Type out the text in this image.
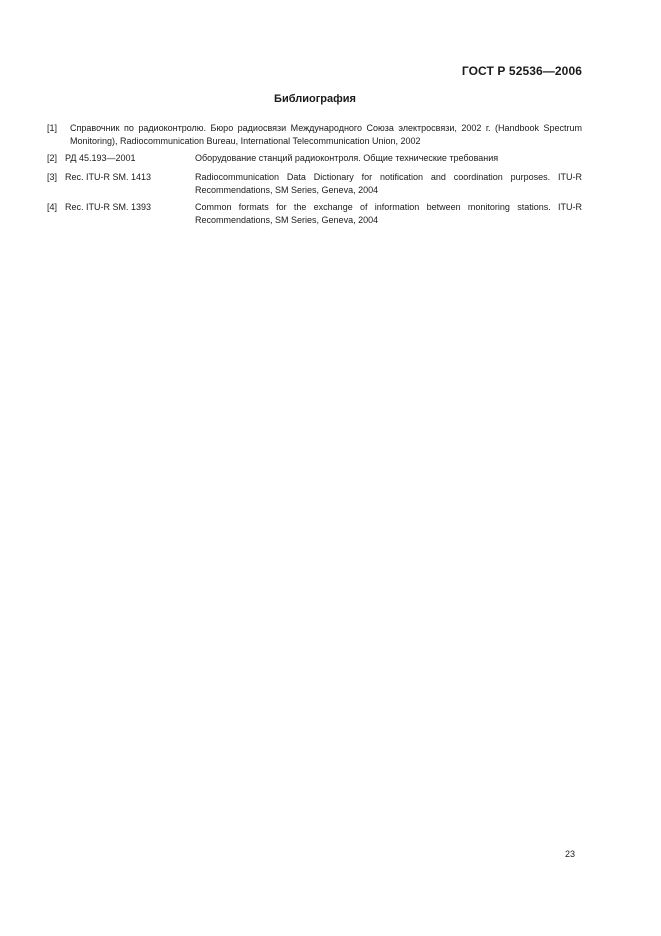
ГОСТ Р 52536—2006
Библиография
[1] Справочник по радиоконтролю. Бюро радиосвязи Международного Союза электросвязи, 2002 г. (Handbook Spectrum Monitoring), Radiocommunication Bureau, International Telecommunication Union, 2002
[2] РД 45.193—2001	Оборудование станций радиоконтроля. Общие технические требования
[3] Rec. ITU-R SM. 1413	Radiocommunication Data Dictionary for notification and coordination purposes. ITU-R Recommendations, SM Series, Geneva, 2004
[4] Rec. ITU-R SM. 1393	Common formats for the exchange of information between monitoring stations. ITU-R Recommendations, SM Series, Geneva, 2004
23
